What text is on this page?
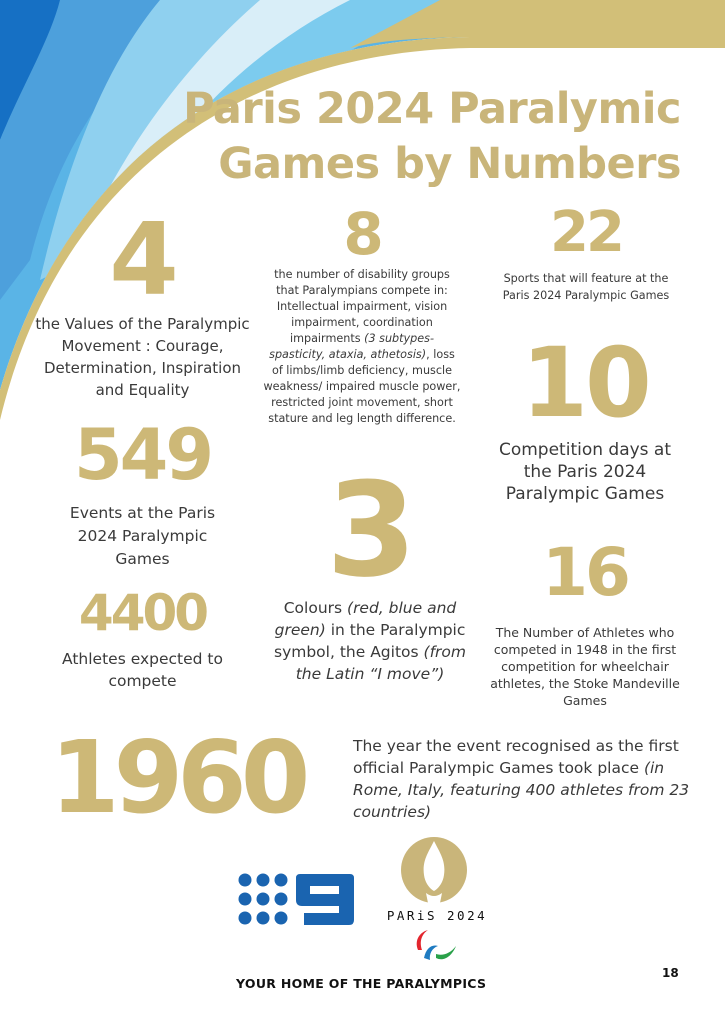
Paris 2024 Paralymic
Games by Numbers
4
the Values of the Paralympic Movement : Courage, Determination, Inspiration and Equality
8
the number of disability groups that Paralympians compete in: Intellectual impairment, vision impairment, coordination impairments (3 subtypes- spasticity, ataxia, athetosis), loss of limbs/limb deficiency, muscle weakness/ impaired muscle power, restricted joint movement, short stature and leg length difference.
22
Sports that will feature at the Paris 2024 Paralympic Games
10
Competition days at the Paris 2024 Paralympic Games
549
Events at the Paris 2024 Paralympic Games
4400
Athletes expected to compete
3
Colours (red, blue and green) in the Paralympic symbol, the Agitos (from the Latin “I move”)
16
The Number of Athletes who competed in 1948 in the first competition for wheelchair athletes, the Stoke Mandeville Games
1960	The year the event recognised as the first official Paralympic Games took place (in Rome, Italy, featuring 400 athletes from 23 countries)
PARiS 2024
YOUR HOME OF THE PARALYMPICS
18
